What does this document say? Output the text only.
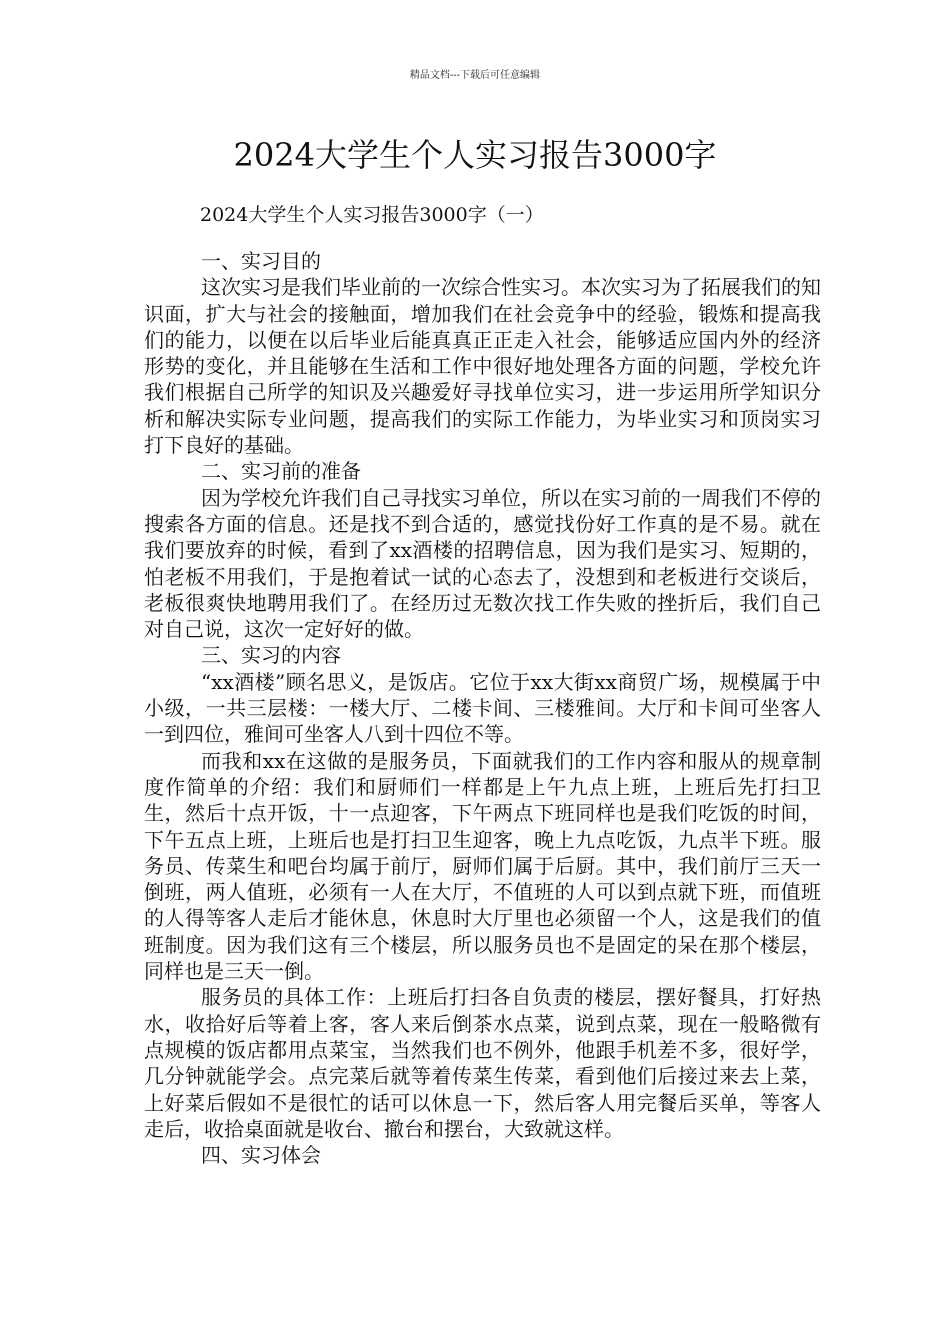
精品文档---下载后可任意编辑
2024大学生个人实习报告3000字
2024大学生个人实习报告3000字（一）

一、实习目的

这次实习是我们毕业前的一次综合性实习。本次实习为了拓展我们的知识面，扩大与社会的接触面，增加我们在社会竞争中的经验，锻炼和提高我们的能力，以便在以后毕业后能真真正正走入社会，能够适应国内外的经济形势的变化，并且能够在生活和工作中很好地处理各方面的问题，学校允许我们根据自己所学的知识及兴趣爱好寻找单位实习，进一步运用所学知识分析和解决实际专业问题，提高我们的实际工作能力，为毕业实习和顶岗实习打下良好的基础。

二、实习前的准备

因为学校允许我们自己寻找实习单位，所以在实习前的一周我们不停的搜索各方面的信息。还是找不到合适的，感觉找份好工作真的是不易。就在我们要放弃的时候，看到了xx酒楼的招聘信息，因为我们是实习、短期的，怕老板不用我们，于是抱着试一试的心态去了，没想到和老板进行交谈后，老板很爽快地聘用我们了。在经历过无数次找工作失败的挫折后，我们自己对自己说，这次一定好好的做。

三、实习的内容

“xx酒楼”顾名思义，是饭店。它位于xx大街xx商贸广场，规模属于中小级，一共三层楼：一楼大厅、二楼卡间、三楼雅间。大厅和卡间可坐客人一到四位，雅间可坐客人八到十四位不等。

而我和xx在这做的是服务员，下面就我们的工作内容和服从的规章制度作简单的介绍：我们和厨师们一样都是上午九点上班，上班后先打扫卫生，然后十点开饭，十一点迎客，下午两点下班同样也是我们吃饭的时间，下午五点上班，上班后也是打扫卫生迎客，晚上九点吃饭，九点半下班。服务员、传菜生和吧台均属于前厅，厨师们属于后厨。其中，我们前厅三天一倒班，两人值班，必须有一人在大厅，不值班的人可以到点就下班，而值班的人得等客人走后才能休息，休息时大厅里也必须留一个人，这是我们的值班制度。因为我们这有三个楼层，所以服务员也不是固定的呆在那个楼层，同样也是三天一倒。

服务员的具体工作：上班后打扫各自负责的楼层，摆好餐具，打好热水，收拾好后等着上客，客人来后倒茶水点菜，说到点菜，现在一般略微有点规模的饭店都用点菜宝，当然我们也不例外，他跟手机差不多，很好学，几分钟就能学会。点完菜后就等着传菜生传菜，看到他们后接过来去上菜，上好菜后假如不是很忙的话可以休息一下，然后客人用完餐后买单，等客人走后，收拾桌面就是收台、撤台和摆台，大致就这样。

四、实习体会
